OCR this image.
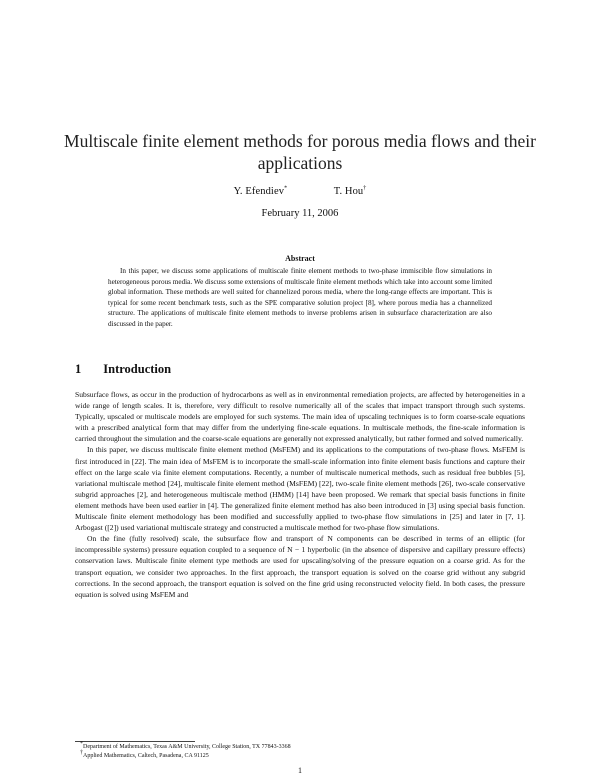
Multiscale finite element methods for porous media flows and their applications
Y. Efendiev*	T. Hou†
February 11, 2006
Abstract
In this paper, we discuss some applications of multiscale finite element methods to two-phase immiscible flow simulations in heterogeneous porous media. We discuss some extensions of multiscale finite element methods which take into account some limited global information. These methods are well suited for channelized porous media, where the long-range effects are important. This is typical for some recent benchmark tests, such as the SPE comparative solution project [8], where porous media has a channelized structure. The applications of multiscale finite element methods to inverse problems arisen in subsurface characterization are also discussed in the paper.
1 Introduction

Subsurface flows, as occur in the production of hydrocarbons as well as in environmental remediation projects, are affected by heterogeneities in a wide range of length scales. It is, therefore, very difficult to resolve numerically all of the scales that impact transport through such systems. Typically, upscaled or multiscale models are employed for such systems. The main idea of upscaling techniques is to form coarse-scale equations with a prescribed analytical form that may differ from the underlying fine-scale equations. In multiscale methods, the fine-scale information is carried throughout the simulation and the coarse-scale equations are generally not expressed analytically, but rather formed and solved numerically.

In this paper, we discuss multiscale finite element method (MsFEM) and its applications to the computations of two-phase flows. MsFEM is first introduced in [22]. The main idea of MsFEM is to incorporate the small-scale information into finite element basis functions and capture their effect on the large scale via finite element computations. Recently, a number of multiscale numerical methods, such as residual free bubbles [5], variational multiscale method [24], multiscale finite element method (MsFEM) [22], two-scale finite element methods [26], two-scale conservative subgrid approaches [2], and heterogeneous multiscale method (HMM) [14] have been proposed. We remark that special basis functions in finite element methods have been used earlier in [4]. The generalized finite element method has also been introduced in [3] using special basis function. Multiscale finite element methodology has been modified and successfully applied to two-phase flow simulations in [25] and later in [7, 1]. Arbogast ([2]) used variational multiscale strategy and constructed a multiscale method for two-phase flow simulations.

On the fine (fully resolved) scale, the subsurface flow and transport of N components can be described in terms of an elliptic (for incompressible systems) pressure equation coupled to a sequence of N − 1 hyperbolic (in the absence of dispersive and capillary pressure effects) conservation laws. Multiscale finite element type methods are used for upscaling/solving of the pressure equation on a coarse grid. As for the transport equation, we consider two approaches. In the first approach, the transport equation is solved on the coarse grid without any subgrid corrections. In the second approach, the transport equation is solved on the fine grid using reconstructed velocity field. In both cases, the pressure equation is solved using MsFEM and

*Department of Mathematics, Texas A&M University, College Station, TX 77843-3368
†Applied Mathematics, Caltech, Pasadena, CA 91125
1
